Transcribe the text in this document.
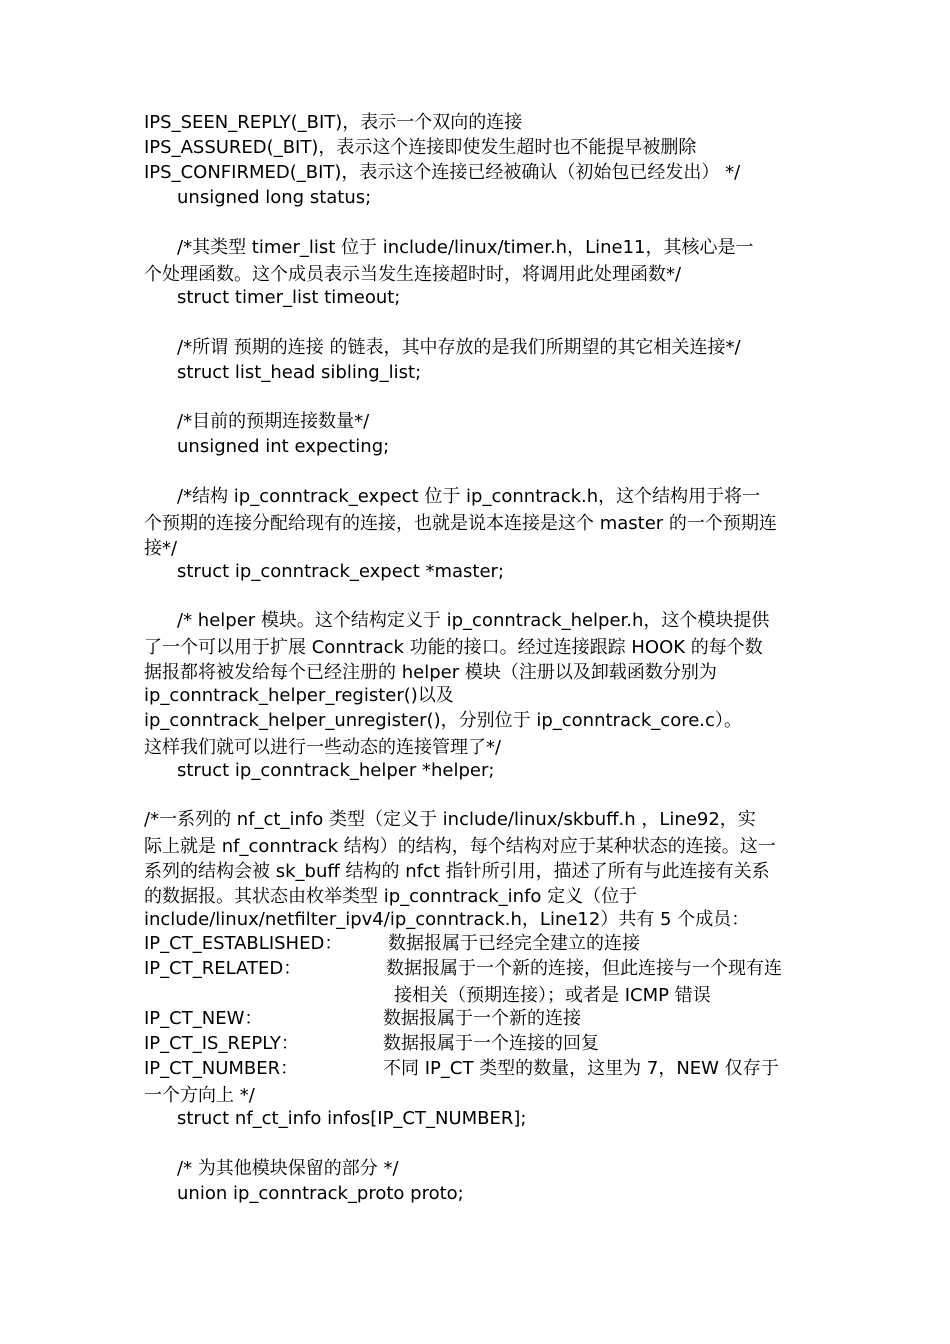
IPS_SEEN_REPLY(_BIT)，表示一个双向的连接
IPS_ASSURED(_BIT)，表示这个连接即使发生超时也不能提早被删除
IPS_CONFIRMED(_BIT)，表示这个连接已经被确认（初始包已经发出） */
unsigned long status;
/*其类型 timer_list 位于 include/linux/timer.h，Line11，其核心是一
个处理函数。这个成员表示当发生连接超时时，将调用此处理函数*/
struct timer_list timeout;
/*所谓 预期的连接 的链表，其中存放的是我们所期望的其它相关连接*/
struct list_head sibling_list;
/*目前的预期连接数量*/
unsigned int expecting;
/*结构 ip_conntrack_expect 位于 ip_conntrack.h，这个结构用于将一
个预期的连接分配给现有的连接，也就是说本连接是这个 master 的一个预期连
接*/
struct ip_conntrack_expect *master;
/* helper 模块。这个结构定义于 ip_conntrack_helper.h，这个模块提供
了一个可以用于扩展 Conntrack 功能的接口。经过连接跟踪 HOOK 的每个数
据报都将被发给每个已经注册的 helper 模块（注册以及卸载函数分别为
ip_conntrack_helper_register()以及
ip_conntrack_helper_unregister()，分别位于 ip_conntrack_core.c）。
这样我们就可以进行一些动态的连接管理了*/
struct ip_conntrack_helper *helper;
/*一系列的 nf_ct_info 类型（定义于 include/linux/skbuff.h ，Line92，实
际上就是 nf_conntrack 结构）的结构，每个结构对应于某种状态的连接。这一
系列的结构会被 sk_buff 结构的 nfct 指针所引用，描述了所有与此连接有关系
的数据报。其状态由枚举类型 ip_conntrack_info 定义（位于
include/linux/netfilter_ipv4/ip_conntrack.h，Line12）共有 5 个成员：
IP_CT_ESTABLISHED：	数据报属于已经完全建立的连接
IP_CT_RELATED：	数据报属于一个新的连接，但此连接与一个现有连
接相关（预期连接）；或者是 ICMP 错误
IP_CT_NEW：	数据报属于一个新的连接
IP_CT_IS_REPLY：	数据报属于一个连接的回复
IP_CT_NUMBER：	不同 IP_CT 类型的数量，这里为 7，NEW 仅存于
一个方向上 */
struct nf_ct_info infos[IP_CT_NUMBER];
/* 为其他模块保留的部分 */
union ip_conntrack_proto proto;
